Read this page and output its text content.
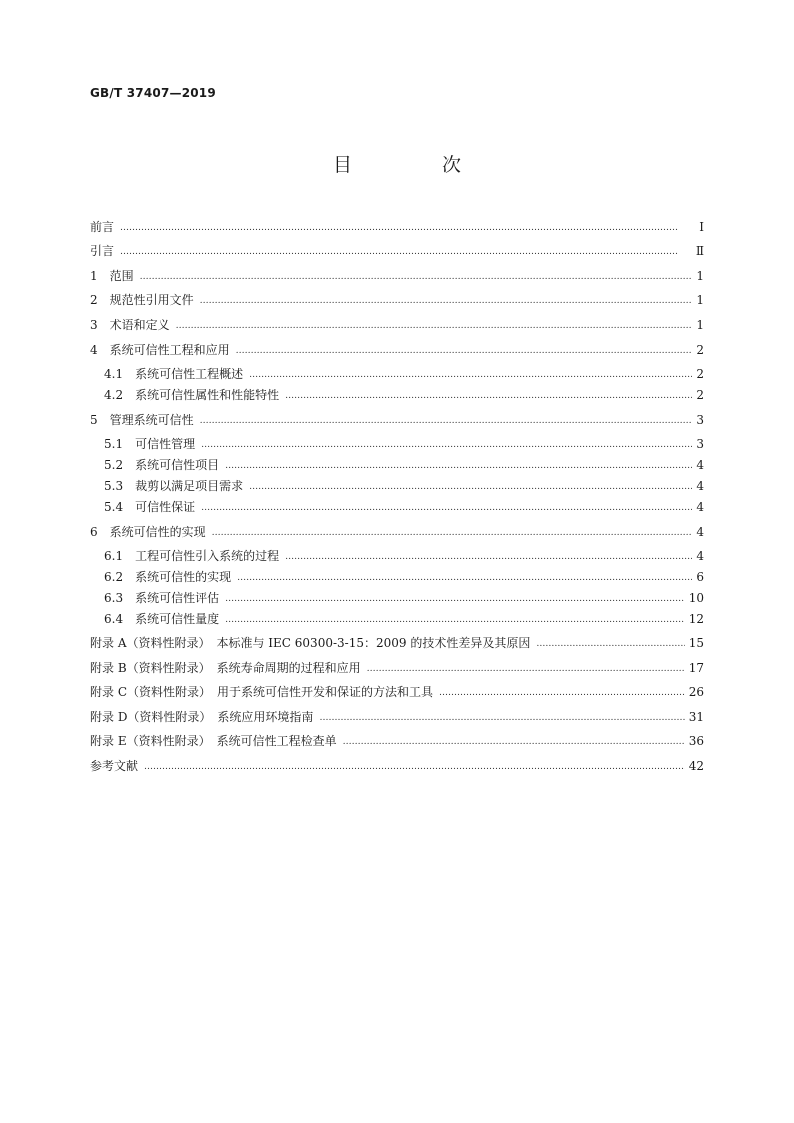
GB/T 37407—2019
目 次
前言 ……………………………………………………………………………………………………………………………………………………………………	Ⅰ
引言 ……………………………………………………………………………………………………………………………………………………………………	Ⅱ
1　范围 ……………………………………………………………………………………………………………………………………………………………………	1
2　规范性引用文件 ……………………………………………………………………………………………………………………………………………………………………	1
3　术语和定义 ……………………………………………………………………………………………………………………………………………………………………	1
4　系统可信性工程和应用 ……………………………………………………………………………………………………………………………………………………………………	2
4.1　系统可信性工程概述 ……………………………………………………………………………………………………………………………………………………………………	2
4.2　系统可信性属性和性能特性 ……………………………………………………………………………………………………………………………………………………………………	2
5　管理系统可信性 ……………………………………………………………………………………………………………………………………………………………………	3
5.1　可信性管理 ……………………………………………………………………………………………………………………………………………………………………	3
5.2　系统可信性项目 ……………………………………………………………………………………………………………………………………………………………………	4
5.3　裁剪以满足项目需求 ……………………………………………………………………………………………………………………………………………………………………	4
5.4　可信性保证 ……………………………………………………………………………………………………………………………………………………………………	4
6　系统可信性的实现 ……………………………………………………………………………………………………………………………………………………………………	4
6.1　工程可信性引入系统的过程 ……………………………………………………………………………………………………………………………………………………………………	4
6.2　系统可信性的实现 ……………………………………………………………………………………………………………………………………………………………………	6
6.3　系统可信性评估 ……………………………………………………………………………………………………………………………………………………………………	10
6.4　系统可信性量度 ……………………………………………………………………………………………………………………………………………………………………	12
附录 A（资料性附录）　本标准与 IEC 60300-3-15：2009 的技术性差异及其原因 ……………………………………………………………………………………………………………………………………………………………………	15
附录 B（资料性附录）　系统寿命周期的过程和应用 ……………………………………………………………………………………………………………………………………………………………………	17
附录 C（资料性附录）　用于系统可信性开发和保证的方法和工具 ……………………………………………………………………………………………………………………………………………………………………	26
附录 D（资料性附录）　系统应用环境指南 ……………………………………………………………………………………………………………………………………………………………………	31
附录 E（资料性附录）　系统可信性工程检查单 ……………………………………………………………………………………………………………………………………………………………………	36
参考文献 ……………………………………………………………………………………………………………………………………………………………………	42
